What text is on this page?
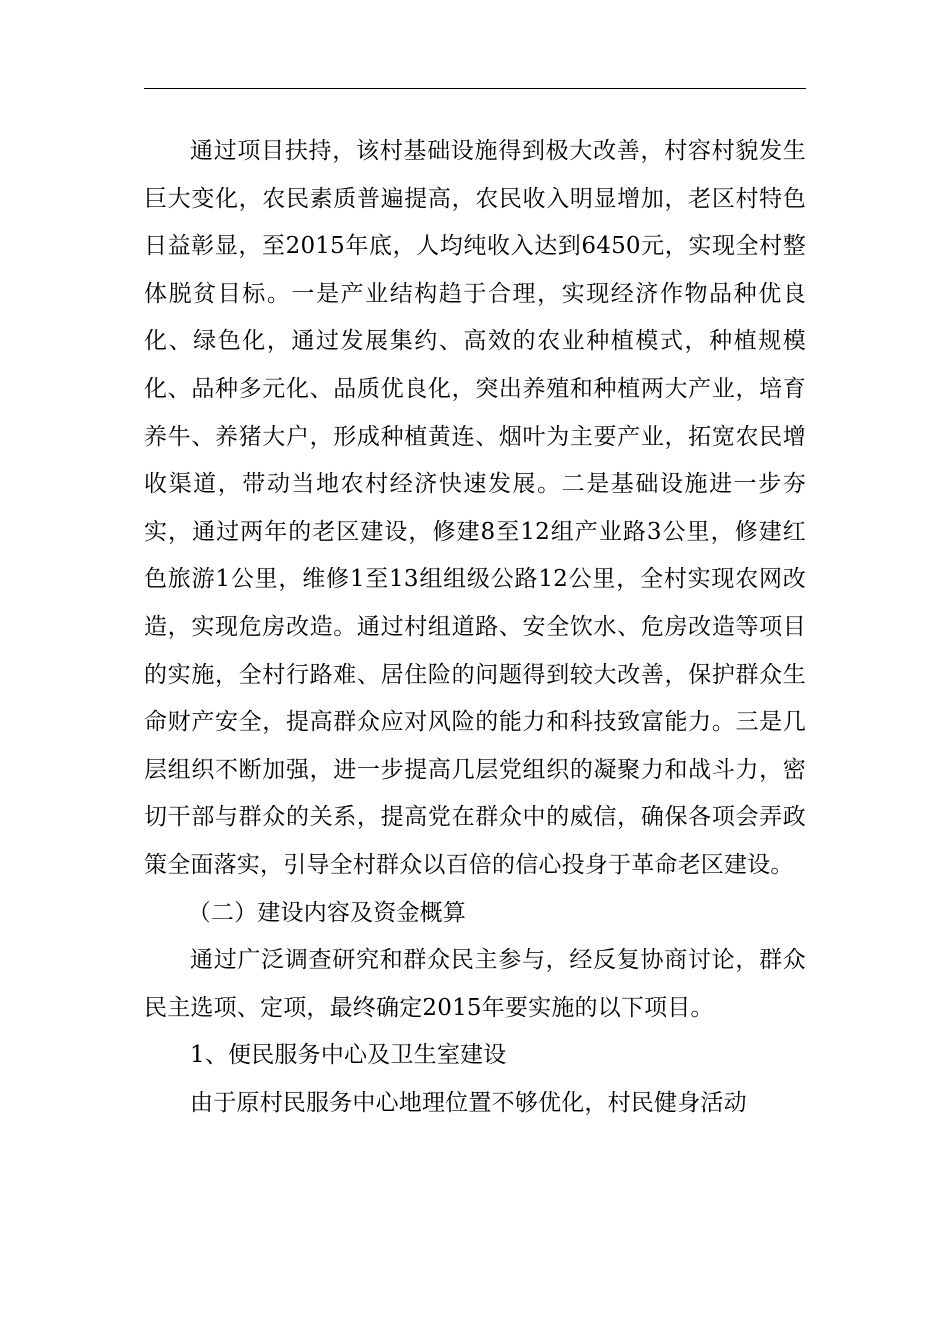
通过项目扶持，该村基础设施得到极大改善，村容村貌发生巨大变化，农民素质普遍提高，农民收入明显增加，老区村特色日益彰显，至2015年底，人均纯收入达到6450元，实现全村整体脱贫目标。一是产业结构趋于合理，实现经济作物品种优良化、绿色化，通过发展集约、高效的农业种植模式，种植规模化、品种多元化、品质优良化，突出养殖和种植两大产业，培育养牛、养猪大户，形成种植黄连、烟叶为主要产业，拓宽农民增收渠道，带动当地农村经济快速发展。二是基础设施进一步夯实，通过两年的老区建设，修建8至12组产业路3公里，修建红色旅游1公里，维修1至13组组级公路12公里，全村实现农网改造，实现危房改造。通过村组道路、安全饮水、危房改造等项目的实施，全村行路难、居住险的问题得到较大改善，保护群众生命财产安全，提高群众应对风险的能力和科技致富能力。三是几层组织不断加强，进一步提高几层党组织的凝聚力和战斗力，密切干部与群众的关系，提高党在群众中的威信，确保各项会弄政策全面落实，引导全村群众以百倍的信心投身于革命老区建设。

（二）建设内容及资金概算

通过广泛调查研究和群众民主参与，经反复协商讨论，群众民主选项、定项，最终确定2015年要实施的以下项目。

1、便民服务中心及卫生室建设

由于原村民服务中心地理位置不够优化，村民健身活动
